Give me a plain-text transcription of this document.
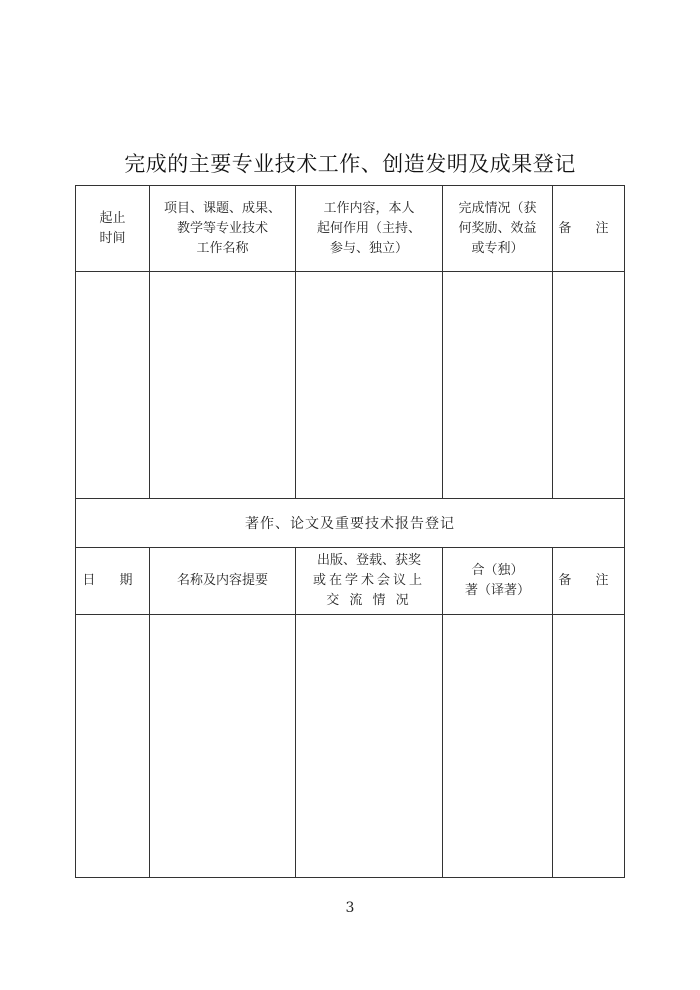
完成的主要专业技术工作、创造发明及成果登记
起止
时间
项目、课题、成果、
教学等专业技术
工作名称
工作内容，本人
起何作用（主持、
参与、独立）
完成情况（获
何奖励、效益
或专利）
备 注
著作、论文及重要技术报告登记
日 期	名称及内容提要
出版、登载、获奖
或在学术会议上
交 流 情 况
合（独）
著（译著）
备 注
3
